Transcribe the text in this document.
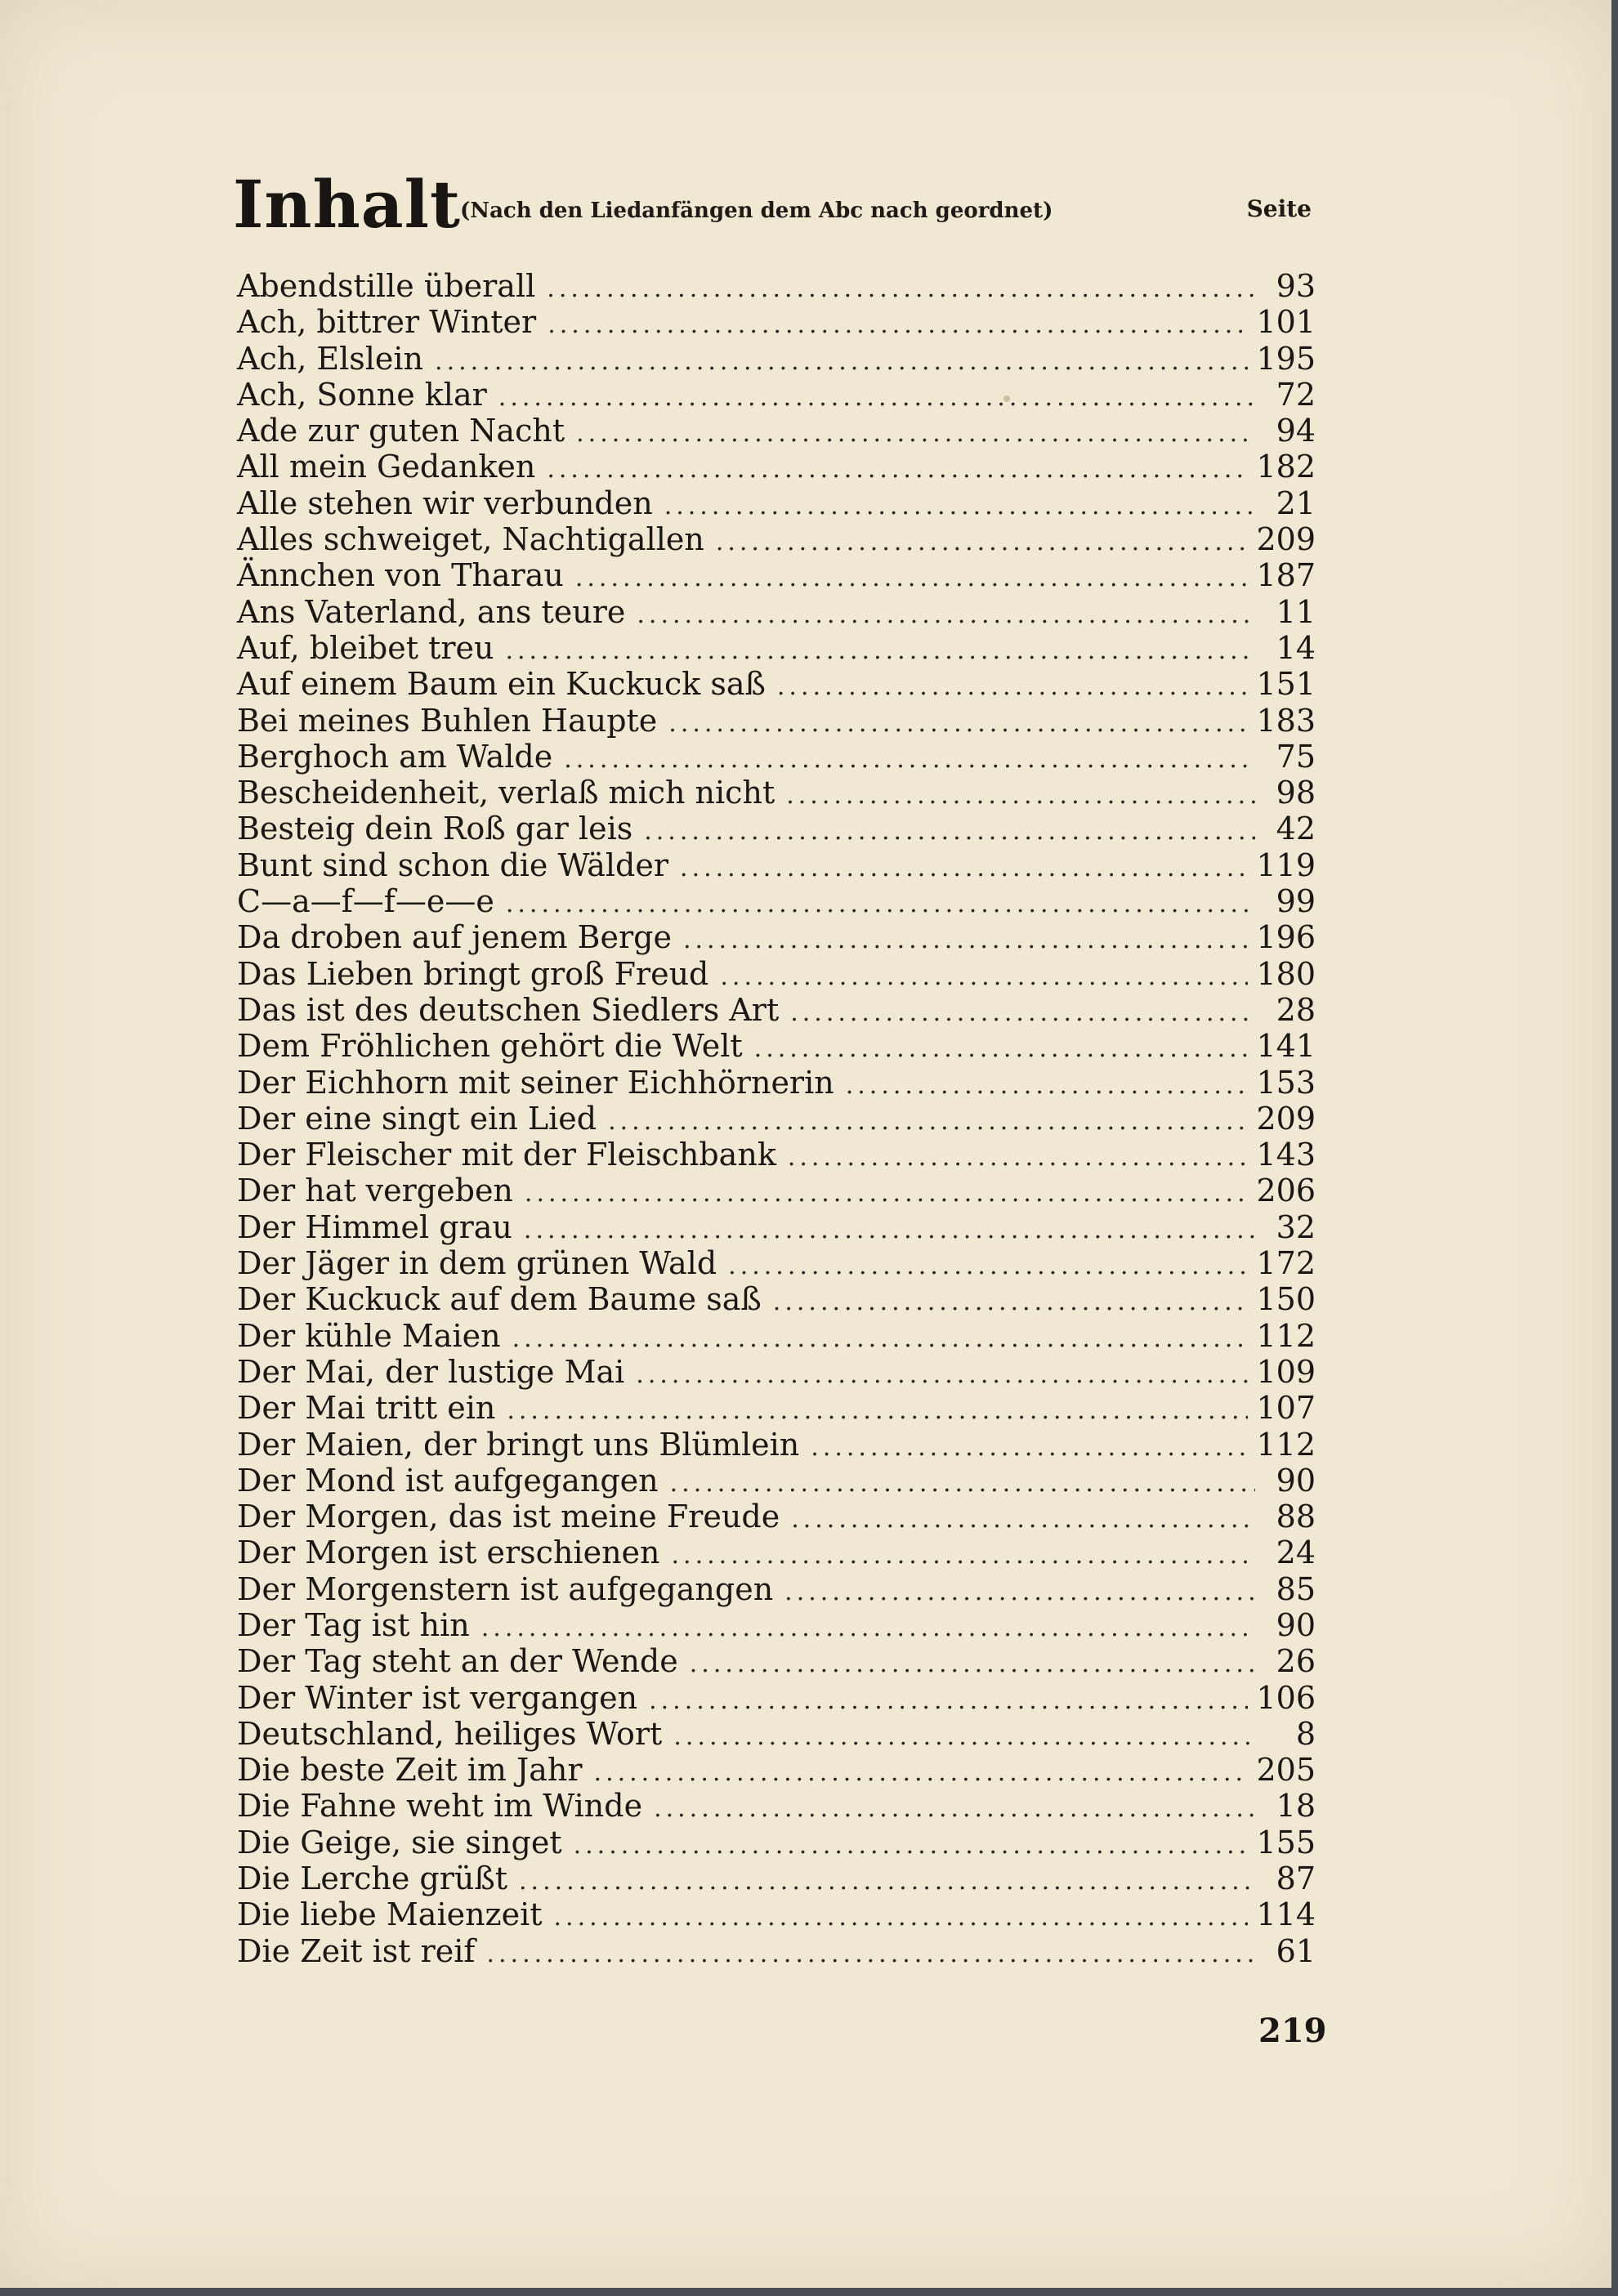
Inhalt (Nach den Liedanfängen dem Abc nach geordnet)	Seite
Abendstille überall .....	93
Ach, bittrer Winter .....	101
Ach, Elslein .....	195
Ach, Sonne klar .....	72
Ade zur guten Nacht .....	94
All mein Gedanken .....	182
Alle stehen wir verbunden .....	21
Alles schweiget, Nachtigallen .....	209
Ännchen von Tharau .....	187
Ans Vaterland, ans teure .....	11
Auf, bleibet treu .....	14
Auf einem Baum ein Kuckuck saß .....	151
Bei meines Buhlen Haupte .....	183
Berghoch am Walde .....	75
Bescheidenheit, verlaß mich nicht .....	98
Besteig dein Roß gar leis .....	42
Bunt sind schon die Wälder .....	119
C—a—f—f—e—e .....	99
Da droben auf jenem Berge .....	196
Das Lieben bringt groß Freud .....	180
Das ist des deutschen Siedlers Art .....	28
Dem Fröhlichen gehört die Welt .....	141
Der Eichhorn mit seiner Eichhörnerin .....	153
Der eine singt ein Lied .....	209
Der Fleischer mit der Fleischbank .....	143
Der hat vergeben .....	206
Der Himmel grau .....	32
Der Jäger in dem grünen Wald .....	172
Der Kuckuck auf dem Baume saß .....	150
Der kühle Maien .....	112
Der Mai, der lustige Mai .....	109
Der Mai tritt ein .....	107
Der Maien, der bringt uns Blümlein .....	112
Der Mond ist aufgegangen .....	90
Der Morgen, das ist meine Freude .....	88
Der Morgen ist erschienen .....	24
Der Morgenstern ist aufgegangen .....	85
Der Tag ist hin .....	90
Der Tag steht an der Wende .....	26
Der Winter ist vergangen .....	106
Deutschland, heiliges Wort .....	8
Die beste Zeit im Jahr .....	205
Die Fahne weht im Winde .....	18
Die Geige, sie singet .....	155
Die Lerche grüßt .....	87
Die liebe Maienzeit .....	114
Die Zeit ist reif .....	61
219
